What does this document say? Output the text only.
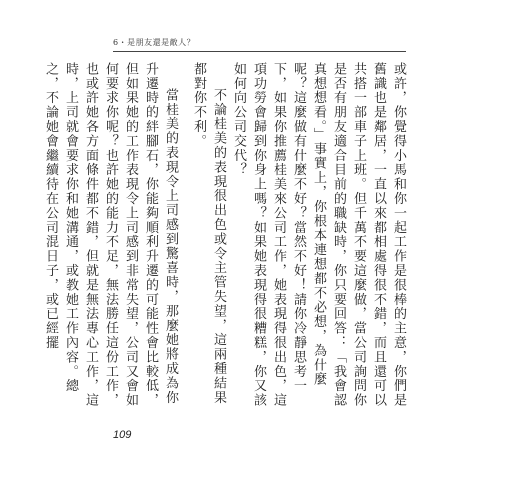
6・是朋友還是敵人？

或許，你覺得小馬和你一起工作是很棒的主意，你們是舊識也是鄰居，一直以來都相處得很不錯，而且還可以共搭一部車子上班。但千萬不要這麼做，當公司詢問你是否有朋友適合目前的職缺時，你只要回答：「我會認真想想看。」事實上，你根本連想都不必想，為什麼呢？這麼做有什麼不好？當然不好！請你冷靜思考一下，如果你推薦桂美來公司工作，她表現得很出色，這項功勞會歸到你身上嗎？如果她表現得很糟糕，你又該如何向公司交代？

不論桂美的表現很出色或令主管失望，這兩種結果都對你不利。

當桂美的表現令上司感到驚喜時，那麼她將成為你升遷時的絆腳石，你能夠順利升遷的可能性會比較低，但如果她的工作表現令上司感到非常失望，公司又會如何要求你呢？也許她的能力不足，無法勝任這份工作，也或許她各方面條件都不錯，但就是無法專心工作，這時，上司就會要求你和她溝通，或教她工作內容。總之，不論她會繼續待在公司混日子，或已經擺

109
